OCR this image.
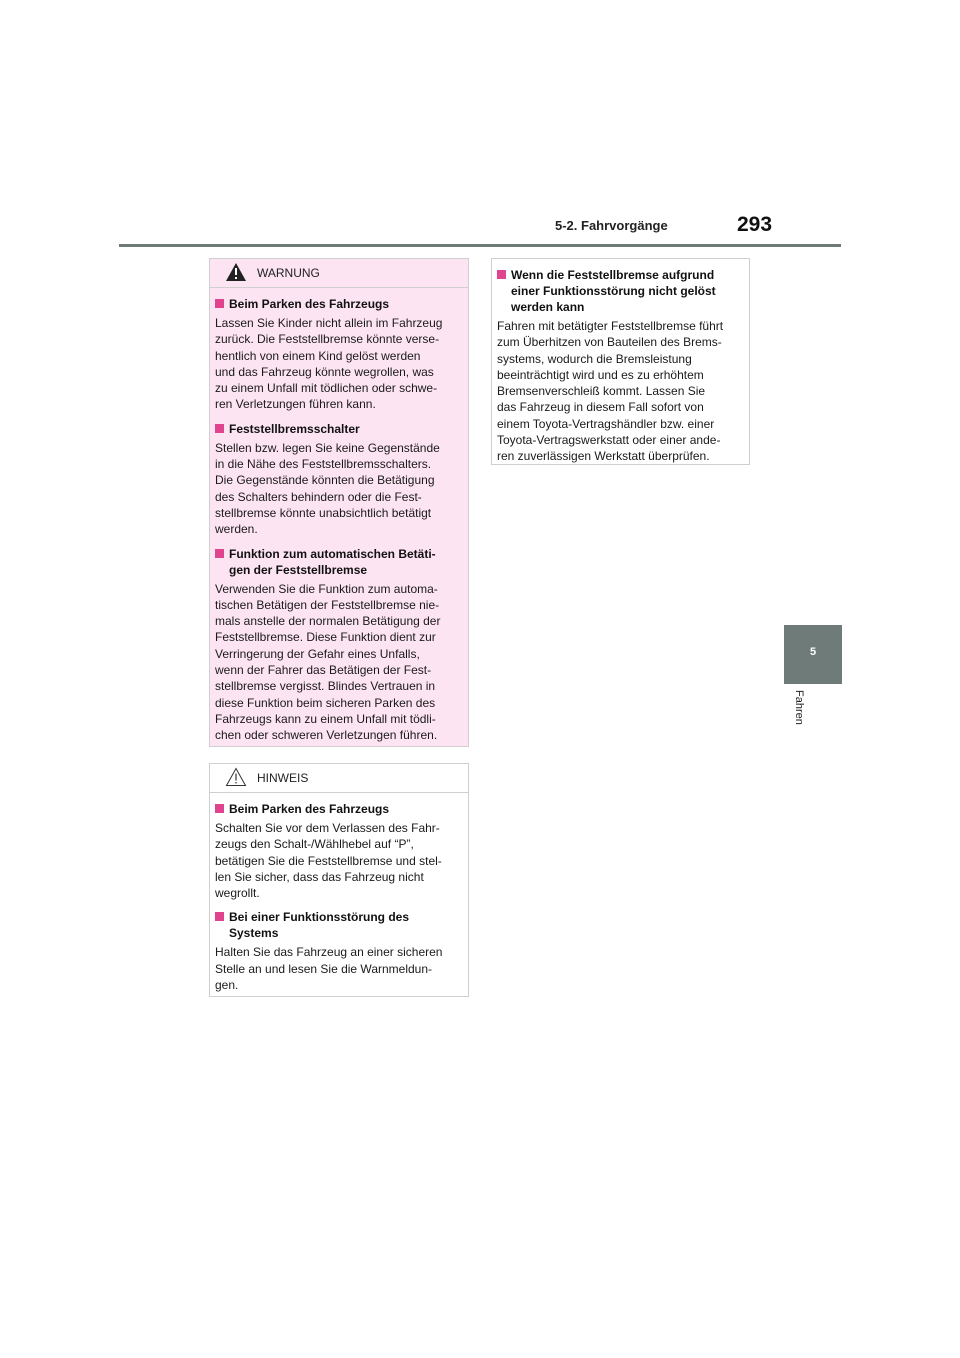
5-2. Fahrvorgänge	293
5
Fahren
WARNUNG
Beim Parken des Fahrzeugs
Lassen Sie Kinder nicht allein im Fahrzeug
zurück. Die Feststellbremse könnte verse-
hentlich von einem Kind gelöst werden
und das Fahrzeug könnte wegrollen, was
zu einem Unfall mit tödlichen oder schwe-
ren Verletzungen führen kann.
Feststellbremsschalter
Stellen bzw. legen Sie keine Gegenstände
in die Nähe des Feststellbremsschalters.
Die Gegenstände könnten die Betätigung
des Schalters behindern oder die Fest-
stellbremse könnte unabsichtlich betätigt
werden.
Funktion zum automatischen Betäti-
gen der Feststellbremse
Verwenden Sie die Funktion zum automa-
tischen Betätigen der Feststellbremse nie-
mals anstelle der normalen Betätigung der
Feststellbremse. Diese Funktion dient zur
Verringerung der Gefahr eines Unfalls,
wenn der Fahrer das Betätigen der Fest-
stellbremse vergisst. Blindes Vertrauen in
diese Funktion beim sicheren Parken des
Fahrzeugs kann zu einem Unfall mit tödli-
chen oder schweren Verletzungen führen.
HINWEIS
Beim Parken des Fahrzeugs
Schalten Sie vor dem Verlassen des Fahr-
zeugs den Schalt-/Wählhebel auf “P”,
betätigen Sie die Feststellbremse und stel-
len Sie sicher, dass das Fahrzeug nicht
wegrollt.
Bei einer Funktionsstörung des
Systems
Halten Sie das Fahrzeug an einer sicheren
Stelle an und lesen Sie die Warnmeldun-
gen.
Wenn die Feststellbremse aufgrund
einer Funktionsstörung nicht gelöst
werden kann
Fahren mit betätigter Feststellbremse führt
zum Überhitzen von Bauteilen des Brems-
systems, wodurch die Bremsleistung
beeinträchtigt wird und es zu erhöhtem
Bremsenverschleiß kommt. Lassen Sie
das Fahrzeug in diesem Fall sofort von
einem Toyota-Vertragshändler bzw. einer
Toyota-Vertragswerkstatt oder einer ande-
ren zuverlässigen Werkstatt überprüfen.
